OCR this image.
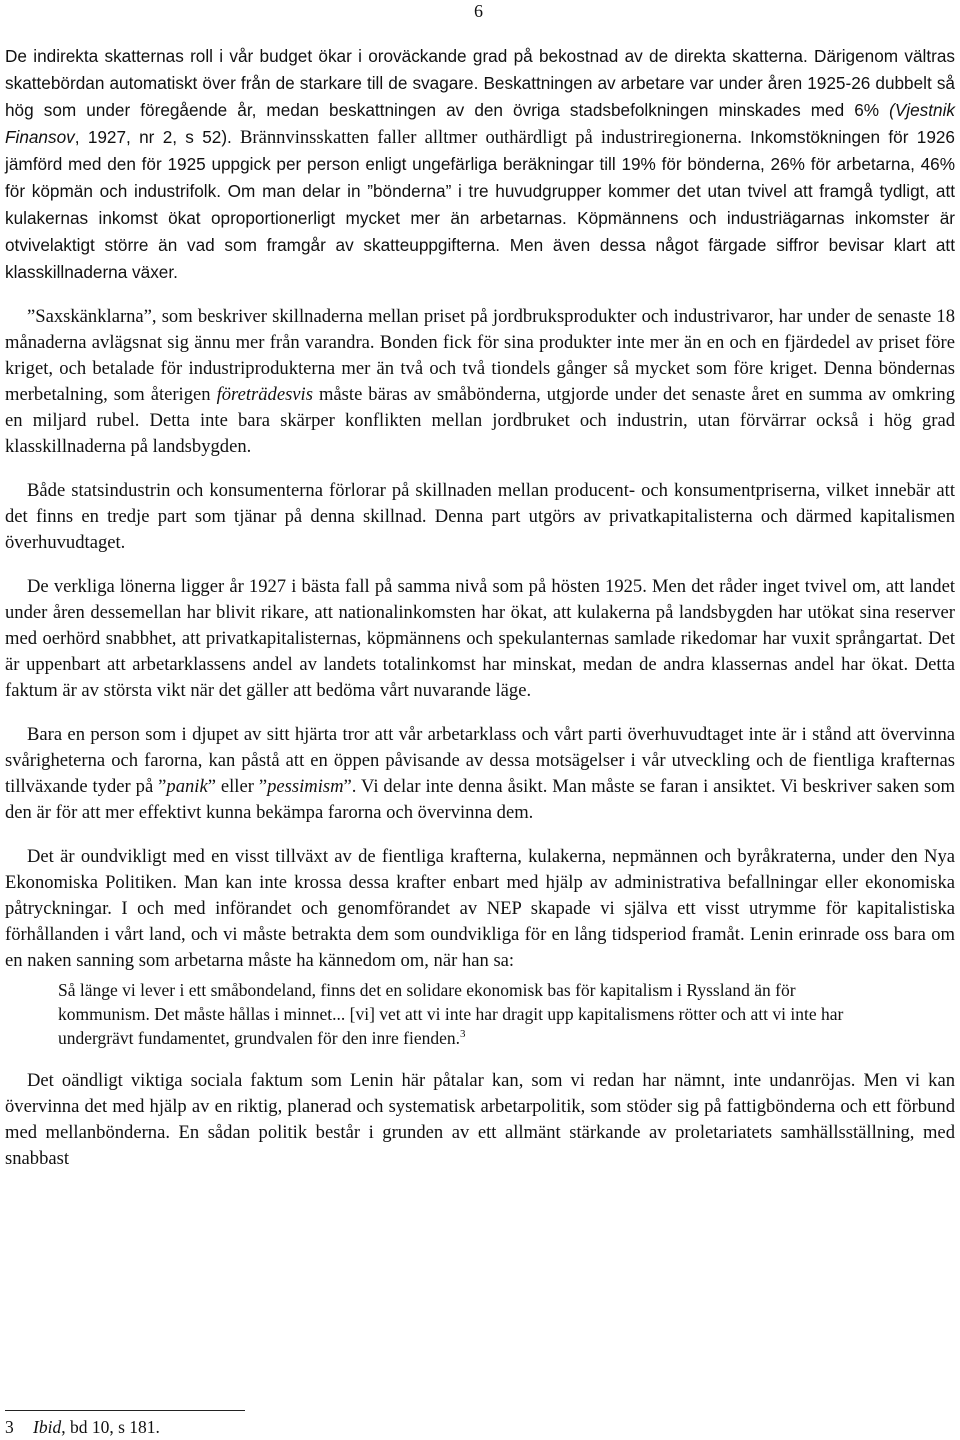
6

De indirekta skatternas roll i vår budget ökar i oroväckande grad på bekostnad av de direkta skatterna. Därigenom vältras skattebördan automatiskt över från de starkare till de svagare. Beskattningen av arbetare var under åren 1925-26 dubbelt så hög som under föregående år, medan beskattningen av den övriga stadsbefolkningen minskades med 6% (Vjestnik Finansov, 1927, nr 2, s 52). Brännvinsskatten faller alltmer outhärdligt på industriregionerna. Inkomstökningen för 1926 jämförd med den för 1925 uppgick per person enligt ungefärliga beräkningar till 19% för bönderna, 26% för arbetarna, 46% för köpmän och industrifolk. Om man delar in ”bönderna” i tre huvudgrupper kommer det utan tvivel att framgå tydligt, att kulakernas inkomst ökat oproportionerligt mycket mer än arbetarnas. Köpmännens och industriägarnas inkomster är otvivelaktigt större än vad som framgår av skatteuppgifterna. Men även dessa något färgade siffror bevisar klart att klasskillnaderna växer.

”Saxskänklarna”, som beskriver skillnaderna mellan priset på jordbruksprodukter och industrivaror, har under de senaste 18 månaderna avlägsnat sig ännu mer från varandra. Bonden fick för sina produkter inte mer än en och en fjärdedel av priset före kriget, och betalade för industriprodukterna mer än två och två tiondels gånger så mycket som före kriget. Denna böndernas merbetalning, som återigen företrädesvis måste bäras av småbönderna, utgjorde under det senaste året en summa av omkring en miljard rubel. Detta inte bara skärper konflikten mellan jordbruket och industrin, utan förvärrar också i hög grad klasskillnaderna på landsbygden.

Både statsindustrin och konsumenterna förlorar på skillnaden mellan producent- och konsumentpriserna, vilket innebär att det finns en tredje part som tjänar på denna skillnad. Denna part utgörs av privatkapitalisterna och därmed kapitalismen överhuvudtaget.

De verkliga lönerna ligger år 1927 i bästa fall på samma nivå som på hösten 1925. Men det råder inget tvivel om, att landet under åren dessemellan har blivit rikare, att nationalinkomsten har ökat, att kulakerna på landsbygden har utökat sina reserver med oerhörd snabbhet, att privatkapitalisternas, köpmännens och spekulanternas samlade rikedomar har vuxit språngartat. Det är uppenbart att arbetarklassens andel av landets totalinkomst har minskat, medan de andra klassernas andel har ökat. Detta faktum är av största vikt när det gäller att bedöma vårt nuvarande läge.

Bara en person som i djupet av sitt hjärta tror att vår arbetarklass och vårt parti överhuvudtaget inte är i stånd att övervinna svårigheterna och farorna, kan påstå att en öppen påvisande av dessa motsägelser i vår utveckling och de fientliga krafternas tillväxande tyder på ”panik” eller ”pessimism”. Vi delar inte denna åsikt. Man måste se faran i ansiktet. Vi beskriver saken som den är för att mer effektivt kunna bekämpa farorna och övervinna dem.

Det är oundvikligt med en visst tillväxt av de fientliga krafterna, kulakerna, nepmännen och byråkraterna, under den Nya Ekonomiska Politiken. Man kan inte krossa dessa krafter enbart med hjälp av administrativa befallningar eller ekonomiska påtryckningar. I och med införandet och genomförandet av NEP skapade vi själva ett visst utrymme för kapitalistiska förhållanden i vårt land, och vi måste betrakta dem som oundvikliga för en lång tidsperiod framåt. Lenin erinrade oss bara om en naken sanning som arbetarna måste ha kännedom om, när han sa:

Så länge vi lever i ett småbondeland, finns det en solidare ekonomisk bas för kapitalism i Ryssland än för kommunism. Det måste hållas i minnet... [vi] vet att vi inte har dragit upp kapitalismens rötter och att vi inte har undergrävt fundamentet, grundvalen för den inre fienden.$^3$

Det oändligt viktiga sociala faktum som Lenin här påtalar kan, som vi redan har nämnt, inte undanröjas. Men vi kan övervinna det med hjälp av en riktig, planerad och systematisk arbetarpolitik, som stöder sig på fattigbönderna och ett förbund med mellanbönderna. En sådan politik består i grunden av ett allmänt stärkande av proletariatets samhällsställning, med snabbast

3 Ibid, bd 10, s 181.
